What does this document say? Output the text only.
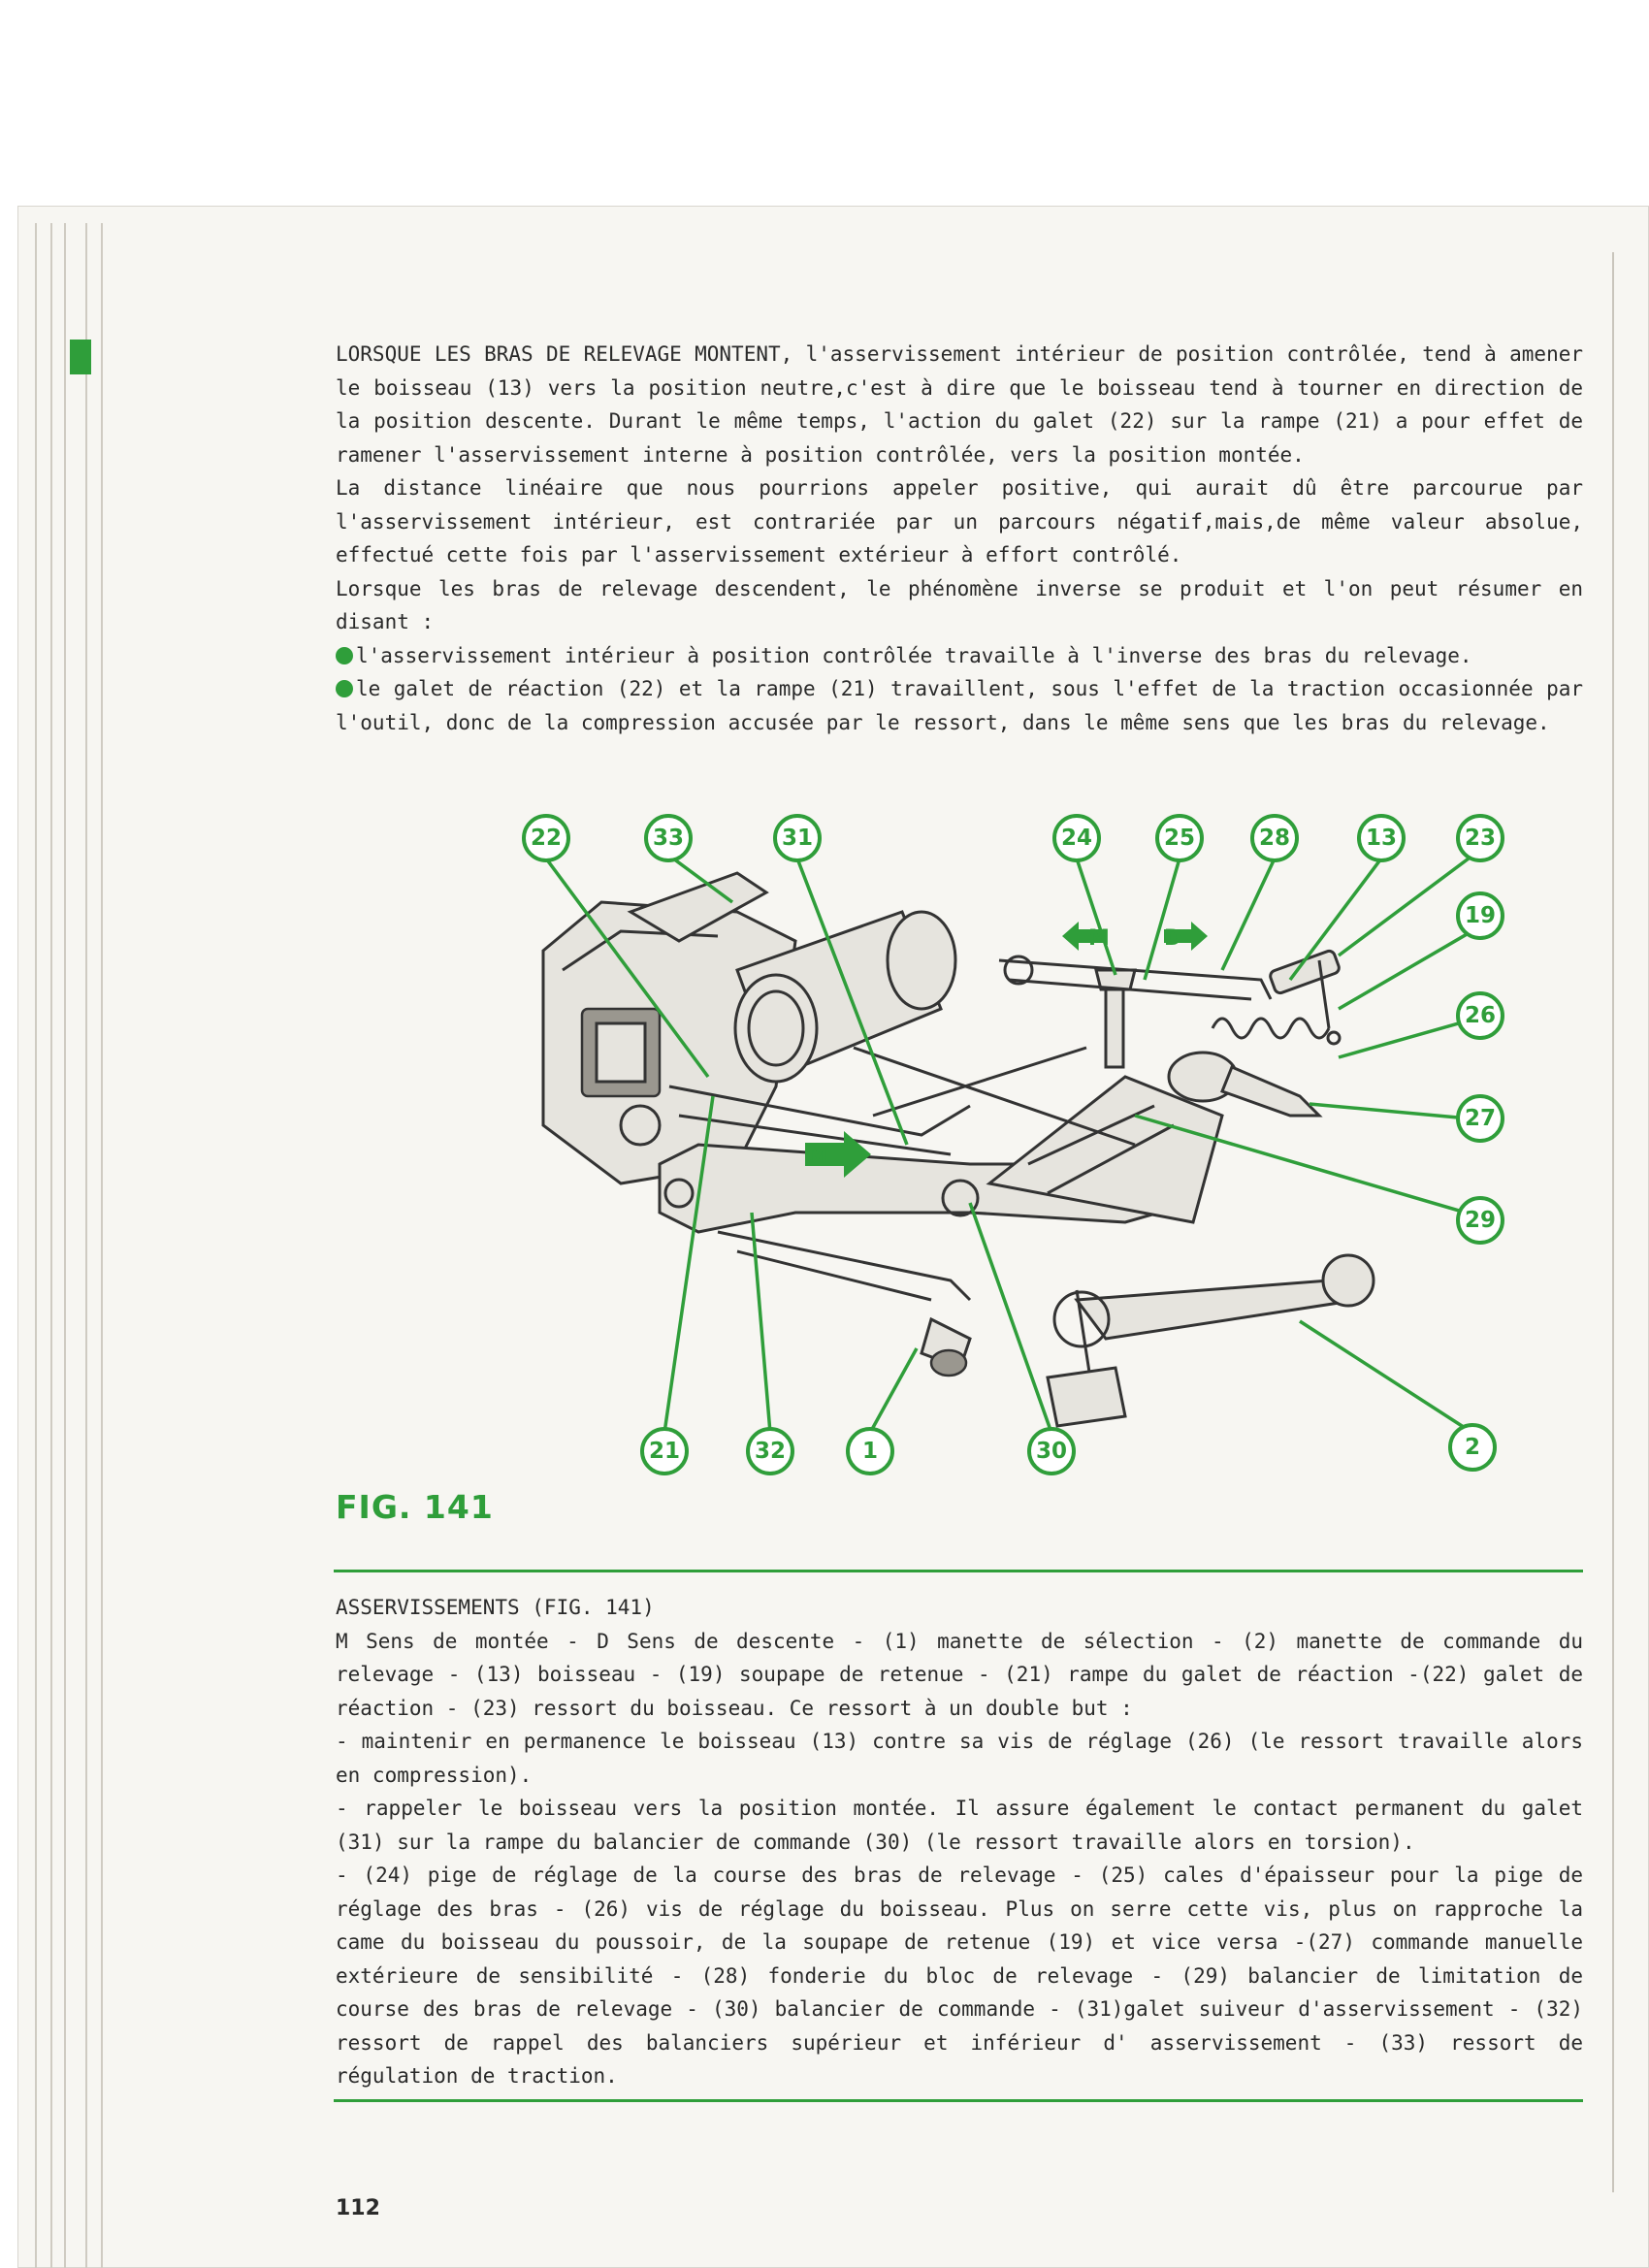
LORSQUE LES BRAS DE RELEVAGE MONTENT, l'asservissement intérieur de position contrôlée, tend à amener le boisseau (13) vers la position neutre,c'est à dire que le boisseau tend à tourner en direction de la position descente. Durant le même temps, l'action du galet (22) sur la rampe (21) a pour effet de ramener l'asservissement interne à position contrôlée, vers la position montée.

La distance linéaire que nous pourrions appeler positive, qui aurait dû être parcourue par l'asservissement intérieur, est contrariée par un parcours négatif,mais,de même valeur absolue, effectué cette fois par l'asservissement extérieur à effort contrôlé.

Lorsque les bras de relevage descendent, le phénomène inverse se produit et l'on peut résumer en disant :

l'asservissement intérieur à position contrôlée travaille à l'inverse des bras du relevage.

le galet de réaction (22) et la rampe (21) travaillent, sous l'effet de la traction occasionnée par l'outil, donc de la compression accusée par le ressort, dans le même sens que les bras du relevage.

M	D
M
22	33	31	24	25	28	13	23
19
26
27
29
21	32	1	30	2
FIG. 141

ASSERVISSEMENTS (FIG. 141)

M Sens de montée - D Sens de descente - (1) manette de sélection - (2) manette de commande du relevage - (13) boisseau - (19) soupape de retenue - (21) rampe du galet de réaction -(22) galet de réaction - (23) ressort du boisseau. Ce ressort à un double but :

- maintenir en permanence le boisseau (13) contre sa vis de réglage (26) (le ressort travaille alors en compression).

- rappeler le boisseau vers la position montée. Il assure également le contact permanent du galet (31) sur la rampe du balancier de commande (30) (le ressort travaille alors en torsion).

- (24) pige de réglage de la course des bras de relevage - (25) cales d'épaisseur pour la pige de réglage des bras - (26) vis de réglage du boisseau. Plus on serre cette vis, plus on rapproche la came du boisseau du poussoir, de la soupape de retenue (19) et vice versa -(27) commande manuelle extérieure de sensibilité - (28) fonderie du bloc de relevage - (29) balancier de limitation de course des bras de relevage - (30) balancier de commande - (31)galet suiveur d'asservissement - (32) ressort de rappel des balanciers supérieur et inférieur d' asservissement - (33) ressort de régulation de traction.

112
